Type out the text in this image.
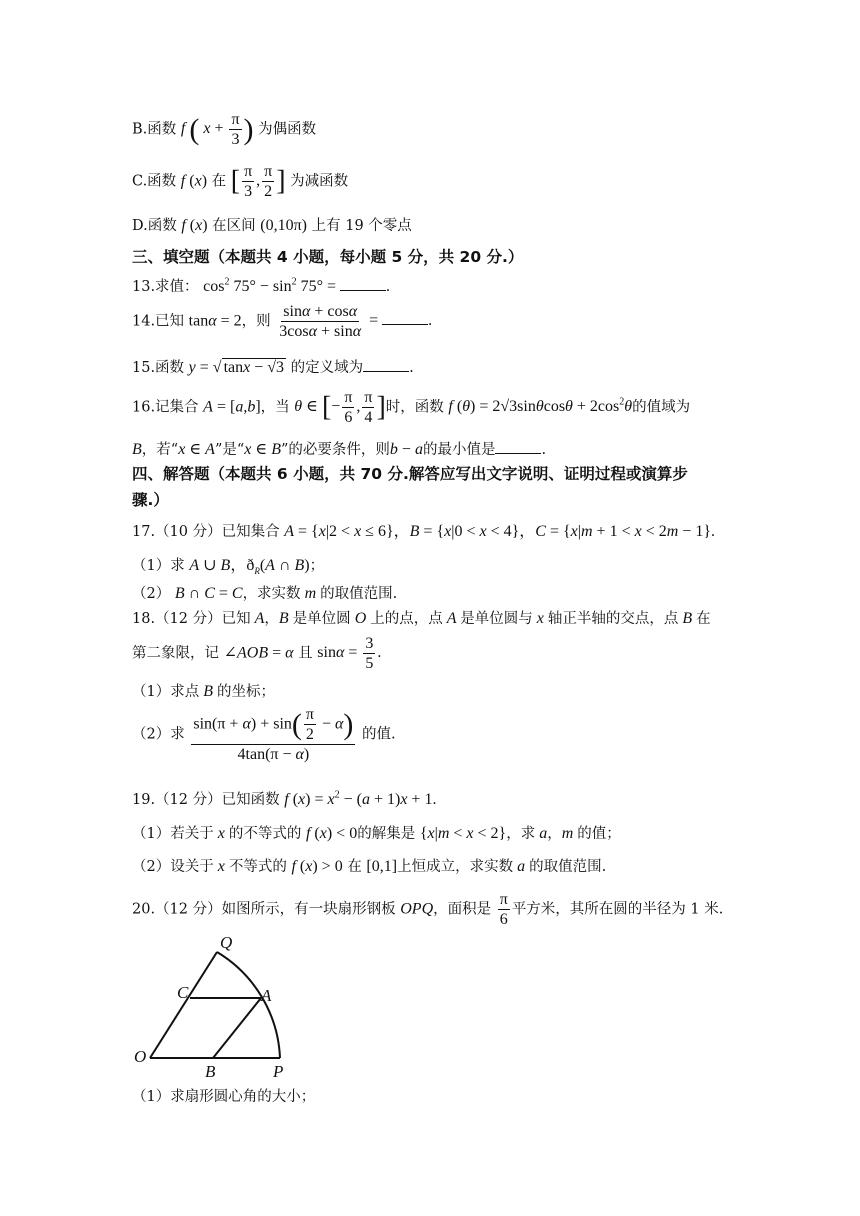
B.函数 f ( $x + \frac{\pi}{3}$ ) 为偶函数
C.函数 f (x) 在 [ $\frac{\pi}{3}$ , $\frac{\pi}{2}$ ] 为减函数
D.函数 f (x) 在区间 (0,10π) 上有 19 个零点
三、填空题（本题共 4 小题，每小题 5 分，共 20 分.）
13.求值： $\cos^2 75^\circ - \sin^2 75^\circ$ =	.
14.已知 tanα = 2，则 $\frac{\sin\alpha + \cos\alpha}{3\cos\alpha + \sin\alpha}$ =	.
15.函数 y = √ tanx − √3 的定义域为	.
16.记集合 A = [a,b]，当 θ ∈ [− $\frac{\pi}{6}$ , $\frac{\pi}{4}$ ]时，函数 f $(\theta) = 2√3\sin\theta\cos\theta + 2\cos^2\theta$的值域为
B，若“x ∈ A”是“x ∈ B”的必要条件，则b − a的最小值是	.
四、解答题（本题共 6 小题，共 70 分.解答应写出文字说明、证明过程或演算步
骤.）
17.（10 分）已知集合 A = {x|2 < x ≤ 6}，B = {x|0 < x < 4}，C = {x|m + 1 < x < 2m − 1}.
（1）求 A ∪ B，$ð_R(A$ ∩ B)；
（2） B ∩ C = C，求实数 m 的取值范围.
18.（12 分）已知 A，B 是单位圆 O 上的点，点 A 是单位圆与 x 轴正半轴的交点，点 B 在
第二象限，记 ∠AOB = α 且 $\sin\alpha = \frac{3}{5}$ .
（1）求点 B 的坐标；
（2）求 $\frac{\sin(\pi + \alpha) + \sin( \frac{\pi}{2} - \alpha)}{4\tan(\pi - \alpha)}$ 的值.
19.（12 分）已知函数 f $(x) = x^2 - (a + 1)x + 1$.
（1）若关于 x 的不等式的 f (x) < 0的解集是 {x|m < x < 2}，求 a，m 的值；
（2）设关于 x 不等式的 f (x) > 0 在 [0,1]上恒成立，求实数 a 的取值范围.
20.（12 分）如图所示，有一块扇形钢板 OPQ，面积是 $\frac{\pi}{6}$ 平方米，其所在圆的半径为 1 米.
Q
C	A
O
B	P
（1）求扇形圆心角的大小；
